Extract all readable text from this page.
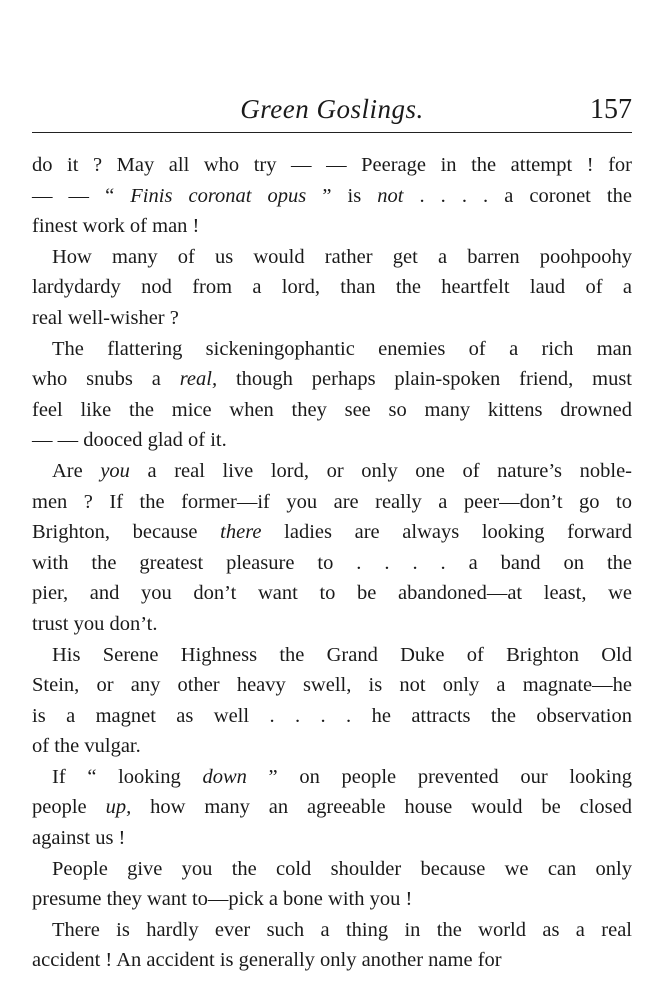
Green Goslings.	157
do it ? May all who try — — Peerage in the attempt ! for
— — “ Finis coronat opus ” is not . . . . a coronet the
finest work of man !
How many of us would rather get a barren poohpoohy
lardydardy nod from a lord, than the heartfelt laud of a
real well-wisher ?
The flattering sickeningophantic enemies of a rich man
who snubs a real, though perhaps plain-spoken friend, must
feel like the mice when they see so many kittens drowned
— — dooced glad of it.
Are you a real live lord, or only one of nature’s noble-
men ? If the former—if you are really a peer—don’t go to
Brighton, because there ladies are always looking forward
with the greatest pleasure to . . . . a band on the
pier, and you don’t want to be abandoned—at least, we
trust you don’t.
His Serene Highness the Grand Duke of Brighton Old
Stein, or any other heavy swell, is not only a magnate—he
is a magnet as well . . . . he attracts the observation
of the vulgar.
If “ looking down ” on people prevented our looking
people up, how many an agreeable house would be closed
against us !
People give you the cold shoulder because we can only
presume they want to—pick a bone with you !
There is hardly ever such a thing in the world as a real
accident ! An accident is generally only another name for
